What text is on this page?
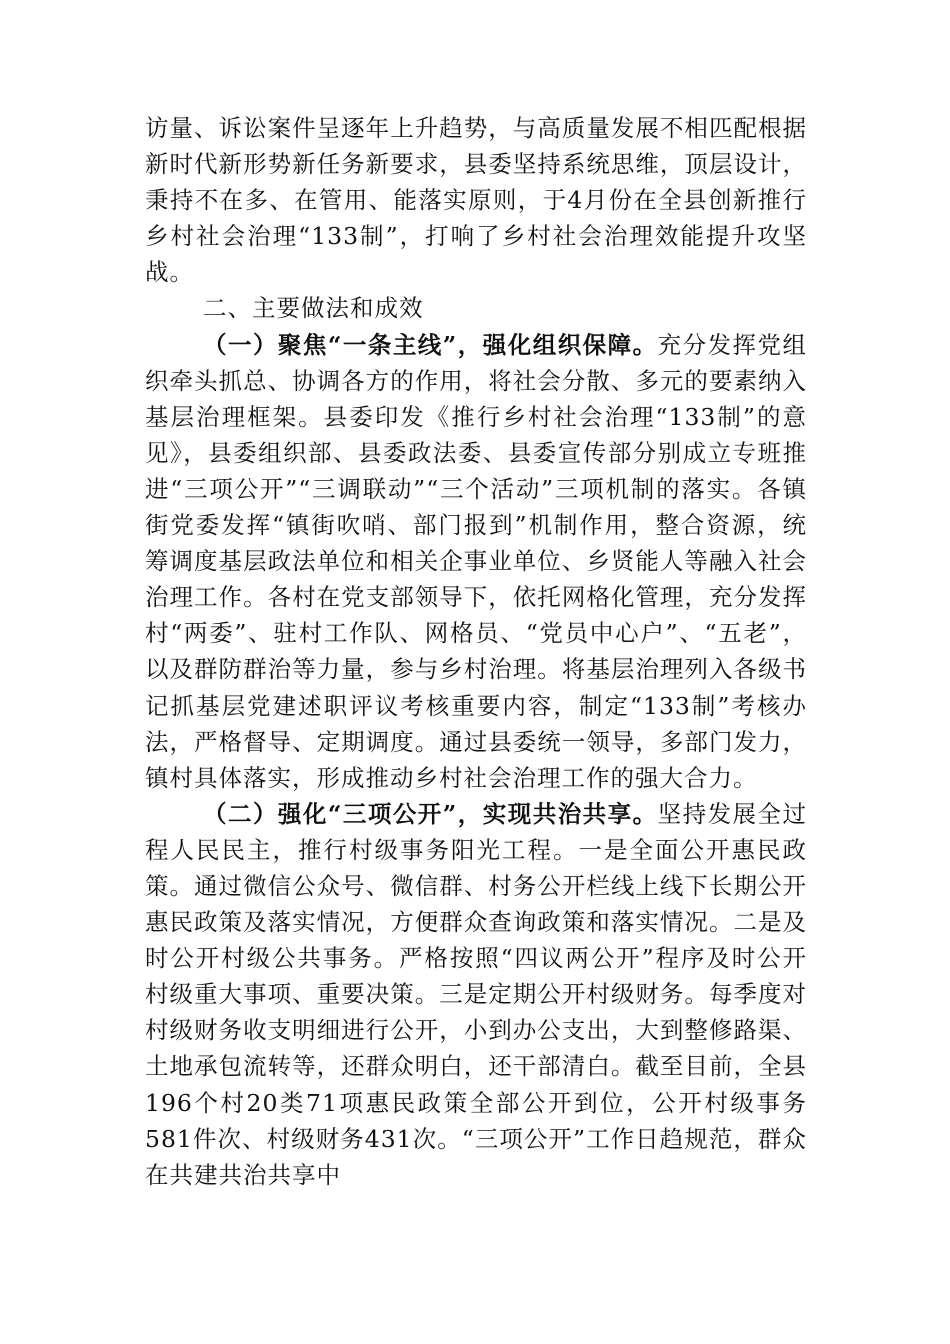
访量、诉讼案件呈逐年上升趋势，与高质量发展不相匹配根据新时代新形势新任务新要求，县委坚持系统思维，顶层设计，秉持不在多、在管用、能落实原则，于4月份在全县创新推行乡村社会治理“133制”，打响了乡村社会治理效能提升攻坚战。

二、主要做法和成效

（一）聚焦“一条主线”，强化组织保障。充分发挥党组织牵头抓总、协调各方的作用，将社会分散、多元的要素纳入基层治理框架。县委印发《推行乡村社会治理“133制”的意见》，县委组织部、县委政法委、县委宣传部分别成立专班推进“三项公开”“三调联动”“三个活动”三项机制的落实。各镇街党委发挥“镇街吹哨、部门报到”机制作用，整合资源，统筹调度基层政法单位和相关企事业单位、乡贤能人等融入社会治理工作。各村在党支部领导下，依托网格化管理，充分发挥村“两委”、驻村工作队、网格员、“党员中心户”、“五老”，以及群防群治等力量，参与乡村治理。将基层治理列入各级书记抓基层党建述职评议考核重要内容，制定“133制”考核办法，严格督导、定期调度。通过县委统一领导，多部门发力，镇村具体落实，形成推动乡村社会治理工作的强大合力。

（二）强化“三项公开”，实现共治共享。坚持发展全过程人民民主，推行村级事务阳光工程。一是全面公开惠民政策。通过微信公众号、微信群、村务公开栏线上线下长期公开惠民政策及落实情况，方便群众查询政策和落实情况。二是及时公开村级公共事务。严格按照“四议两公开”程序及时公开村级重大事项、重要决策。三是定期公开村级财务。每季度对村级财务收支明细进行公开，小到办公支出，大到整修路渠、土地承包流转等，还群众明白，还干部清白。截至目前，全县196个村20类71项惠民政策全部公开到位，公开村级事务581件次、村级财务431次。“三项公开”工作日趋规范，群众在共建共治共享中
